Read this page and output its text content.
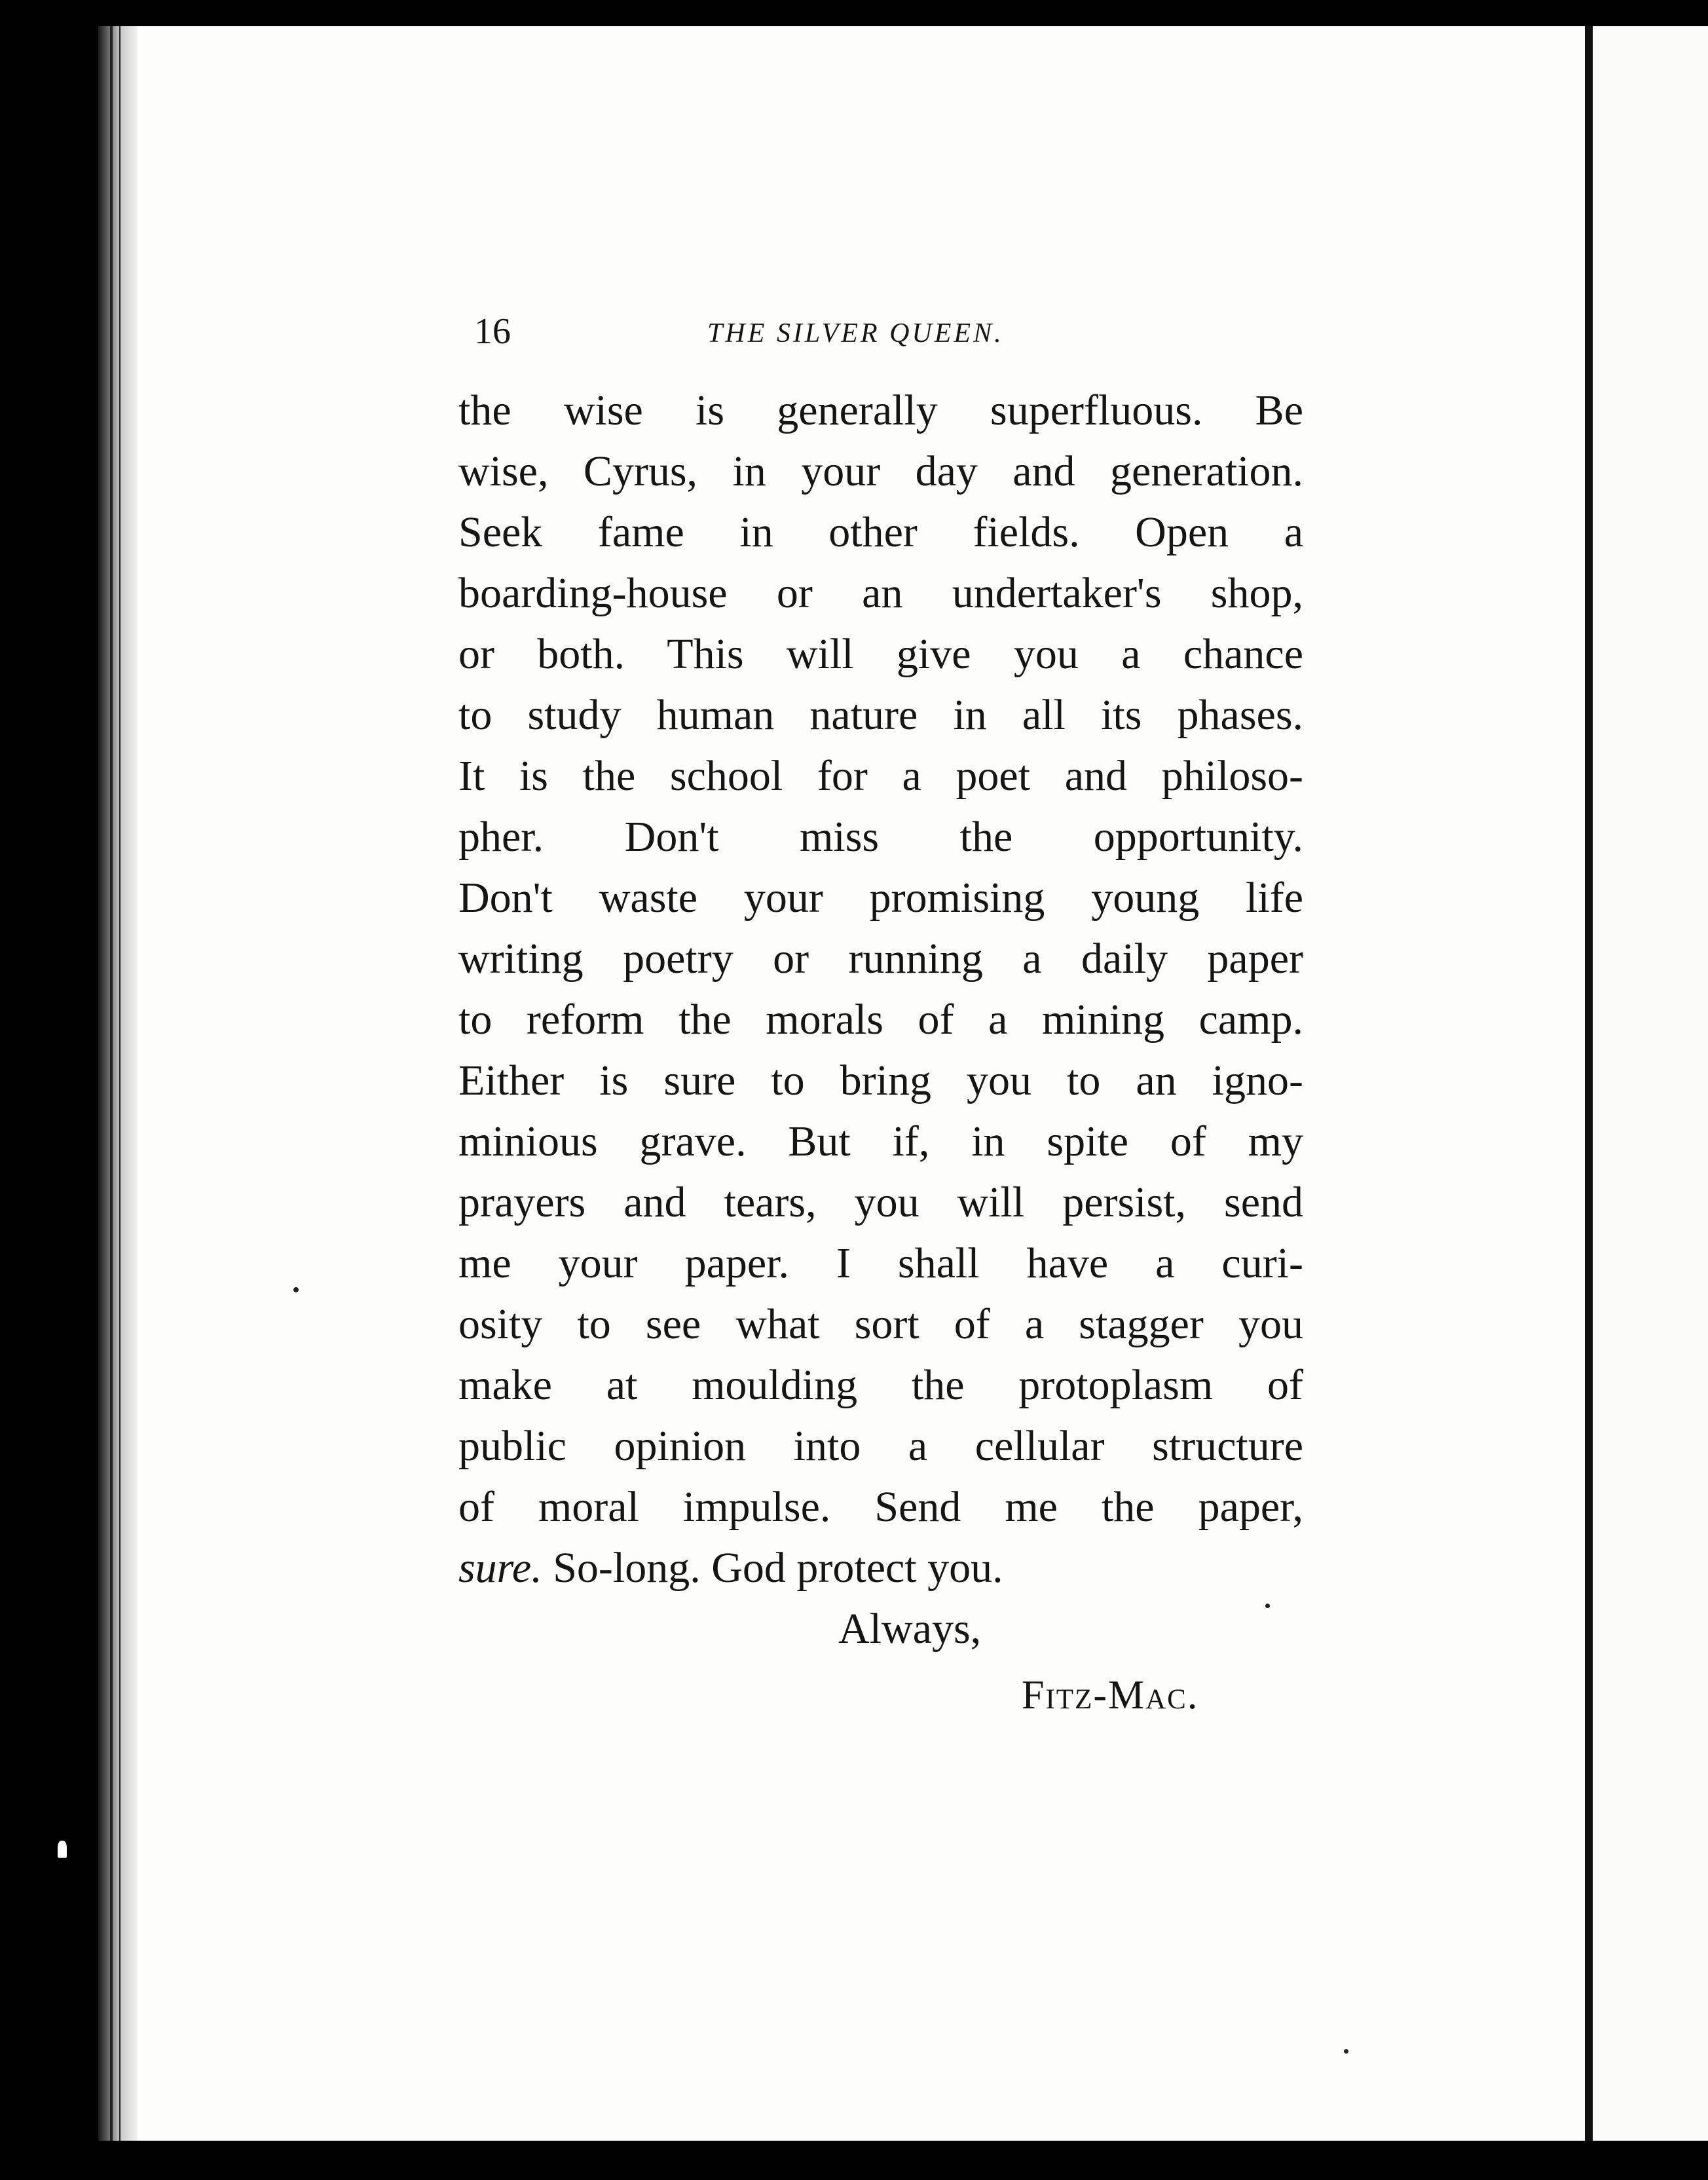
16	THE SILVER QUEEN.
the wise is generally superfluous. Be
wise, Cyrus, in your day and generation.
Seek fame in other fields. Open a
boarding-house or an undertaker's shop,
or both. This will give you a chance
to study human nature in all its phases.
It is the school for a poet and philoso-
pher. Don't miss the opportunity.
Don't waste your promising young life
writing poetry or running a daily paper
to reform the morals of a mining camp.
Either is sure to bring you to an igno-
minious grave. But if, in spite of my
prayers and tears, you will persist, send
me your paper. I shall have a curi-
osity to see what sort of a stagger you
make at moulding the protoplasm of
public opinion into a cellular structure
of moral impulse. Send me the paper,
sure. So-long. God protect you.
Always,
Fitz-Mac.
